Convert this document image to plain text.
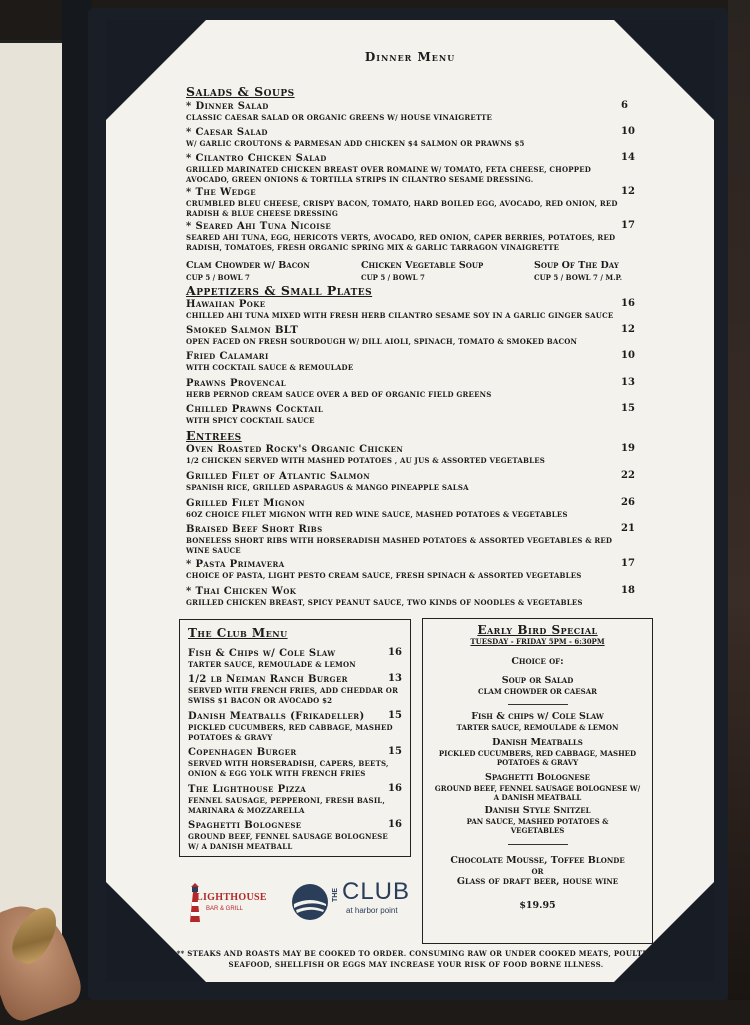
Dinner Menu
Salads & Soups
* Dinner Salad
CLASSIC CAESAR SALAD OR ORGANIC GREENS W/ HOUSE VINAIGRETTE
6
* Caesar Salad
W/ GARLIC CROUTONS & PARMESAN ADD CHICKEN $4 SALMON OR PRAWNS $5
10
* Cilantro Chicken Salad
GRILLED MARINATED CHICKEN BREAST OVER ROMAINE W/ TOMATO, FETA CHEESE, CHOPPED AVOCADO, GREEN ONIONS & TORTILLA STRIPS IN CILANTRO SESAME DRESSING.
14
* The Wedge
CRUMBLED BLEU CHEESE, CRISPY BACON, TOMATO, HARD BOILED EGG, AVOCADO, RED ONION, RED RADISH & BLUE CHEESE DRESSING
12
* Seared Ahi Tuna Nicoise
SEARED AHI TUNA, EGG, HERICOTS VERTS, AVOCADO, RED ONION, CAPER BERRIES, POTATOES, RED RADISH, TOMATOES, FRESH ORGANIC SPRING MIX & GARLIC TARRAGON VINAIGRETTE
17
Clam Chowder w/ Bacon
CUP 5 / BOWL 7
Chicken Vegetable Soup
CUP 5 / BOWL 7
Soup Of The Day
CUP 5 / BOWL 7 / M.P.
Appetizers & Small Plates
Hawaiian Poke
CHILLED AHI TUNA MIXED WITH FRESH HERB CILANTRO SESAME SOY IN A GARLIC GINGER SAUCE
16
Smoked Salmon BLT
OPEN FACED ON FRESH SOURDOUGH W/ DILL AIOLI, SPINACH, TOMATO & SMOKED BACON
12
Fried Calamari
WITH COCKTAIL SAUCE & REMOULADE
10
Prawns Provencal
HERB PERNOD CREAM SAUCE OVER A BED OF ORGANIC FIELD GREENS
13
Chilled Prawns Cocktail
WITH SPICY COCKTAIL SAUCE
15
Entrees
Oven Roasted Rocky's Organic Chicken
1/2 CHICKEN SERVED WITH MASHED POTATOES , AU JUS & ASSORTED VEGETABLES
19
Grilled Filet of Atlantic Salmon
SPANISH RICE, GRILLED ASPARAGUS & MANGO PINEAPPLE SALSA
22
Grilled Filet Mignon
6OZ CHOICE FILET MIGNON WITH RED WINE SAUCE, MASHED POTATOES & VEGETABLES
26
Braised Beef Short Ribs
BONELESS SHORT RIBS WITH HORSERADISH MASHED POTATOES & ASSORTED VEGETABLES & RED WINE SAUCE
21
* Pasta Primavera
CHOICE OF PASTA, LIGHT PESTO CREAM SAUCE, FRESH SPINACH & ASSORTED VEGETABLES
17
* Thai Chicken Wok
GRILLED CHICKEN BREAST, SPICY PEANUT SAUCE, TWO KINDS OF NOODLES & VEGETABLES
18
The Club Menu
Fish & Chips w/ Cole Slaw
TARTER SAUCE, REMOULADE & LEMON
16
1/2 lb Neiman Ranch Burger
SERVED WITH FRENCH FRIES, ADD CHEDDAR OR SWISS $1 BACON OR AVOCADO $2
13
Danish Meatballs (Frikadeller)
PICKLED CUCUMBERS, RED CABBAGE, MASHED POTATOES & GRAVY
15
Copenhagen Burger
SERVED WITH HORSERADISH, CAPERS, BEETS, ONION & EGG YOLK WITH FRENCH FRIES
15
The Lighthouse Pizza
FENNEL SAUSAGE, PEPPERONI, FRESH BASIL, MARINARA & MOZZARELLA
16
Spaghetti Bolognese
GROUND BEEF, FENNEL SAUSAGE BOLOGNESE W/ A DANISH MEATBALL
16
Early Bird Special
TUESDAY - FRIDAY 5PM - 6:30PM
Choice of:
Soup or Salad
CLAM CHOWDER OR CAESAR
Fish & chips w/ Cole Slaw
TARTER SAUCE, REMOULADE & LEMON
Danish Meatballs
PICKLED CUCUMBERS, RED CABBAGE, MASHED POTATOES & GRAVY
Spaghetti Bolognese
GROUND BEEF, FENNEL SAUSAGE BOLOGNESE W/ A DANISH MEATBALL
Danish Style Snitzel
PAN SAUCE, MASHED POTATOES & VEGETABLES
Chocolate Mousse, Toffee Blonde
OR
Glass of draft beer, house wine
$19.95
LIGHTHOUSE
BAR & GRILL
THE CLUB
at harbor point
** STEAKS AND ROASTS MAY BE COOKED TO ORDER. CONSUMING RAW OR UNDER COOKED MEATS, POULTRY, SEAFOOD, SHELLFISH OR EGGS MAY INCREASE YOUR RISK OF FOOD BORNE ILLNESS.
